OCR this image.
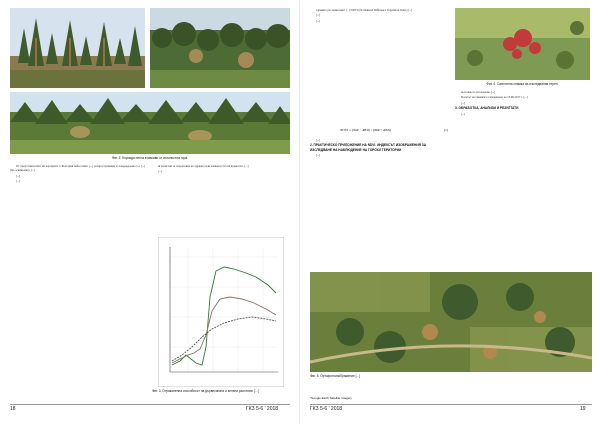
Фиг. 2. Корояди петна в масиви от иглолистна гора.

От представителите на короядите в България най-голямо [...] разпространение и повреждаемост е [...] (Ips acuminatus). [...]

[...]

[...]

иглолистни за определяне на здравето или жизнеността на дърветата. [...]

[...]

Фиг. 3. Отражателна способност на дървесината и зелени растения: […]
18	ГКЗ 5-6 ' 2018

здравите растения имат [...] NDVI (Normalized Difference Vegetation Index) [...]

[...]

[...]

NDVI = (NIR − RED) / (NIR + RED)	(1)

[...]

2. ПРАКТИЧЕСКО ПРИЛОЖЕНИЕ НА NDVI. ИНДЕКСЪТ ИЗОБРАЖЕНИЯ ЗА ИЗСЛЕДВАНЕ НА НАБЛЮДЕНИЕ НА ГОРСКИ ТЕРИТОРИИ

[...]

Фиг. 4. Сателитна снимка на изследвания терен.

настоящото изследване. [...]

Полетът на снимката е извършено на 15.06.2017 г. […]

[...]

3. ОБРАБОТКА, АНАЛИЗИ И РЕЗУЛТАТИ

[...]

Фиг. 5. Ортофотоизображение [...]
*Google Earth Satellite imagery
ГКЗ 5-6 ' 2018	19
